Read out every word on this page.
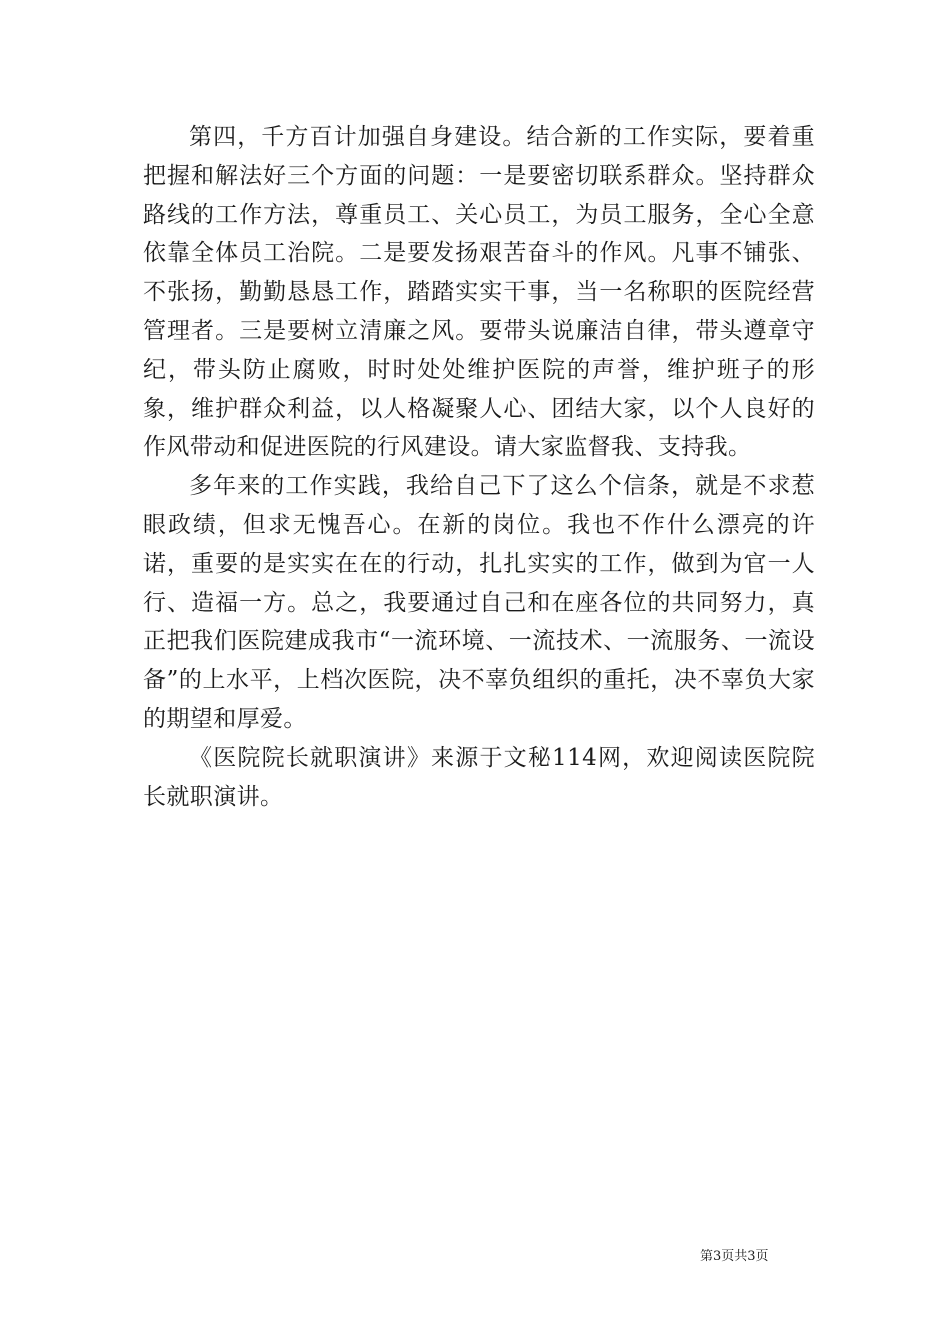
第四，千方百计加强自身建设。结合新的工作实际，要着重把握和解法好三个方面的问题：一是要密切联系群众。坚持群众路线的工作方法，尊重员工、关心员工，为员工服务，全心全意依靠全体员工治院。二是要发扬艰苦奋斗的作风。凡事不铺张、不张扬，勤勤恳恳工作，踏踏实实干事，当一名称职的医院经营管理者。三是要树立清廉之风。要带头说廉洁自律，带头遵章守纪，带头防止腐败，时时处处维护医院的声誉，维护班子的形象，维护群众利益，以人格凝聚人心、团结大家，以个人良好的作风带动和促进医院的行风建设。请大家监督我、支持我。

多年来的工作实践，我给自己下了这么个信条，就是不求惹眼政绩，但求无愧吾心。在新的岗位。我也不作什么漂亮的许诺，重要的是实实在在的行动，扎扎实实的工作，做到为官一人行、造福一方。总之，我要通过自己和在座各位的共同努力，真正把我们医院建成我市“一流环境、一流技术、一流服务、一流设备”的上水平，上档次医院，决不辜负组织的重托，决不辜负大家的期望和厚爱。

《医院院长就职演讲》来源于文秘114网，欢迎阅读医院院长就职演讲。

第3页共3页
